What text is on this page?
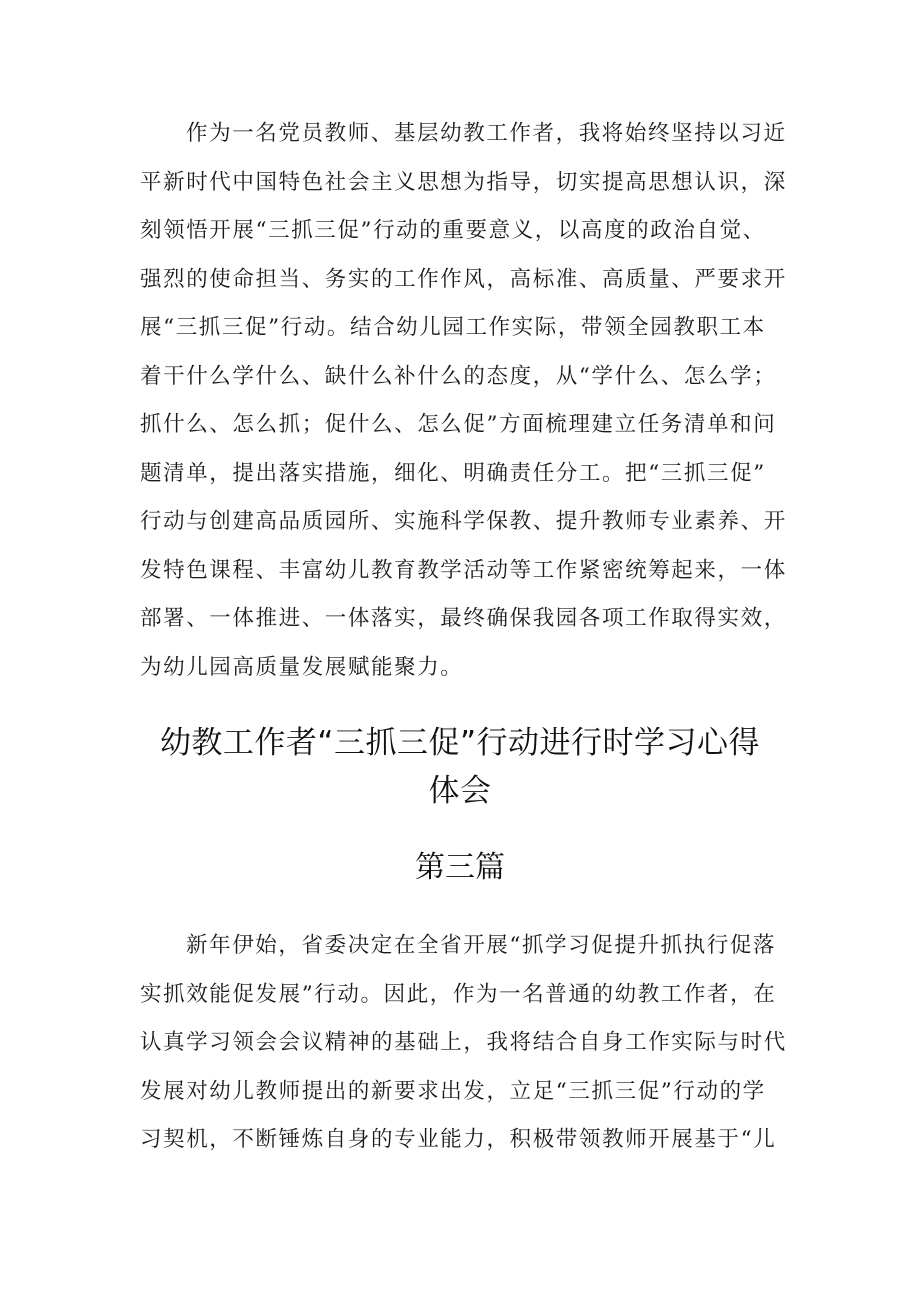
作为一名党员教师、基层幼教工作者，我将始终坚持以习近
平新时代中国特色社会主义思想为指导，切实提高思想认识，深
刻领悟开展“三抓三促”行动的重要意义，以高度的政治自觉、
强烈的使命担当、务实的工作作风，高标准、高质量、严要求开
展“三抓三促”行动。结合幼儿园工作实际，带领全园教职工本
着干什么学什么、缺什么补什么的态度，从“学什么、怎么学；
抓什么、怎么抓；促什么、怎么促”方面梳理建立任务清单和问
题清单，提出落实措施，细化、明确责任分工。把“三抓三促”
行动与创建高品质园所、实施科学保教、提升教师专业素养、开
发特色课程、丰富幼儿教育教学活动等工作紧密统筹起来，一体
部署、一体推进、一体落实，最终确保我园各项工作取得实效，
为幼儿园高质量发展赋能聚力。
幼教工作者“三抓三促”行动进行时学习心得
体会
第三篇
新年伊始，省委决定在全省开展“抓学习促提升抓执行促落
实抓效能促发展”行动。因此，作为一名普通的幼教工作者，在
认真学习领会会议精神的基础上，我将结合自身工作实际与时代
发展对幼儿教师提出的新要求出发，立足“三抓三促”行动的学
习契机，不断锤炼自身的专业能力，积极带领教师开展基于“儿
